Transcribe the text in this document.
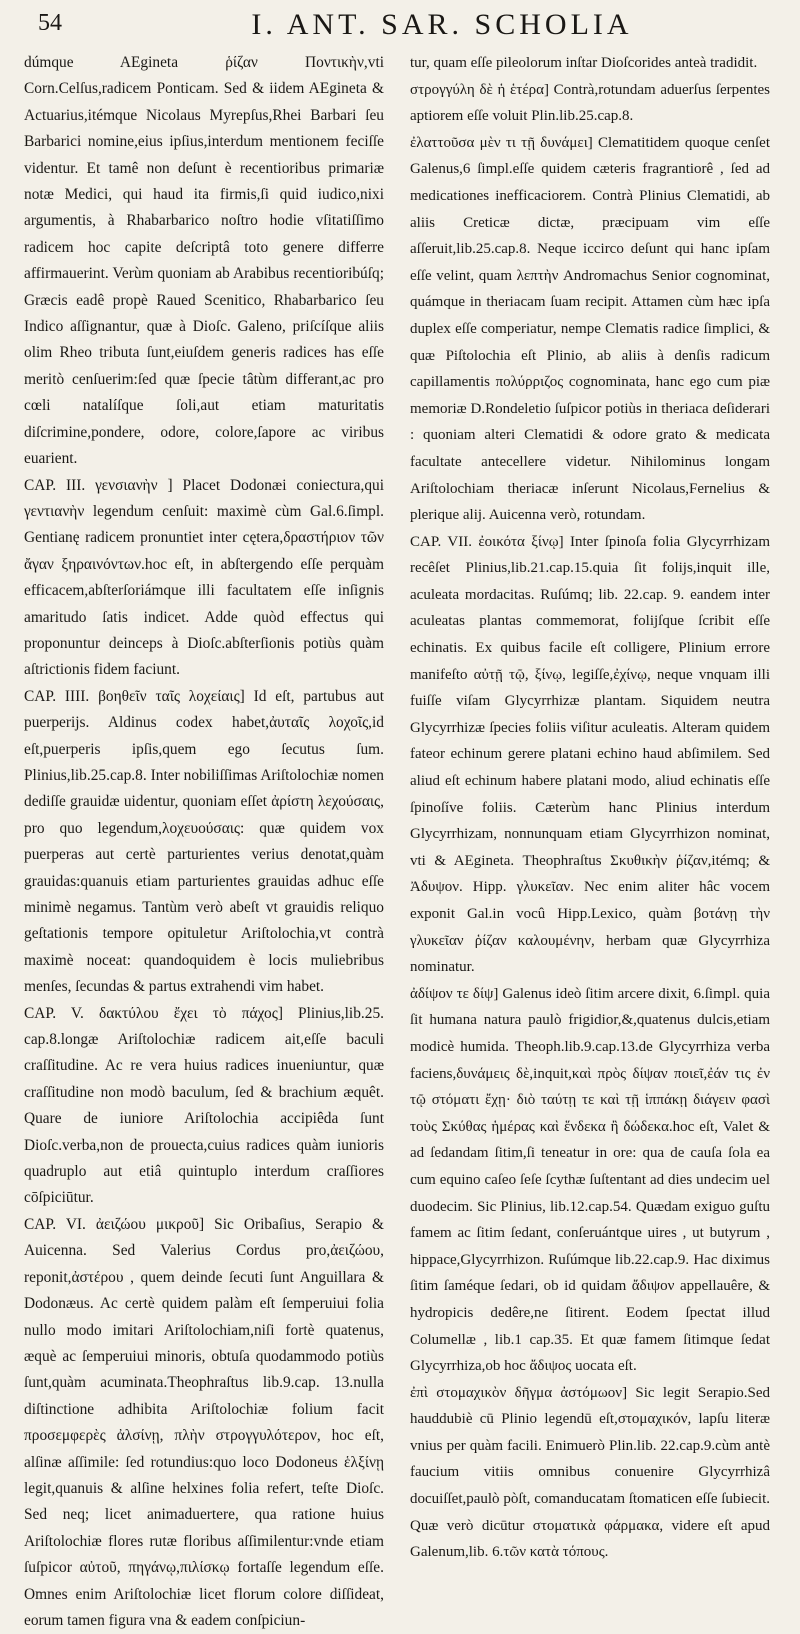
54	I. ANT. SAR. SCHOLIA

dúmque AEgineta ῥίζαν Ποντικὴν,vti Corn.Celſus,radicem Ponticam. Sed & iidem AEgineta & Actuarius,itémque Nicolaus Myrepſus,Rhei Barbari ſeu Barbarici nomine,eius ipſius,interdum mentionem feciſſe videntur. Et tamê non deſunt è recentioribus primariæ notæ Medici, qui haud ita firmis,ſi quid iudico,nixi argumentis, à Rhabarbarico noſtro hodie vſitatiſſimo radicem hoc capite deſcriptâ toto genere differre affirmauerint. Verùm quoniam ab Arabibus recentioribúſq; Græcis eadê propè Raued Scenitico, Rhabarbarico ſeu Indico aſſignantur, quæ à Dioſc. Galeno, priſcíſque aliis olim Rheo tributa ſunt,eiuſdem generis radices has eſſe meritò cenſuerim:ſed quæ ſpecie tâtùm differant,ac pro cœli natalíſque ſoli,aut etiam maturitatis diſcrimine,pondere, odore, colore,ſapore ac viribus euarient.

CAP. III. γενσιανὴν ] Placet Dodonæi coniectura,qui γεντιανὴν legendum cenſuit: maximè cùm Gal.6.ſimpl. Gentianę radicem pronuntiet inter cętera,δραστήριον τῶν ἄγαν ξηραινόντων.hoc eſt, in abſtergendo eſſe perquàm efficacem,abſterſoriámque illi facultatem eſſe inſignis amaritudo ſatis indicet. Adde quòd effectus qui proponuntur deinceps à Dioſc.abſterſionis potiùs quàm aſtrictionis fidem faciunt.

CAP. IIII. βοηθεῖν ταῖς λοχείαις] Id eſt, partubus aut puerperijs. Aldinus codex habet,ἀυταῖς λοχοῖς,id eſt,puerperis ipſis,quem ego ſecutus ſum. Plinius,lib.25.cap.8. Inter nobiliſſimas Ariſtolochiæ nomen dediſſe grauidæ uidentur, quoniam eſſet ἀρίστη λεχούσαις, pro quo legendum,λοχευούσαις: quæ quidem vox puerperas aut certè parturientes verius denotat,quàm grauidas:quanuis etiam parturientes grauidas adhuc eſſe minimè negamus. Tantùm verò abeſt vt grauidis reliquo geſtationis tempore opituletur Ariſtolochia,vt contrà maximè noceat: quandoquidem è locis muliebribus menſes, ſecundas & partus extrahendi vim habet.

CAP. V. δακτύλου ἔχει τὸ πάχος] Plinius,lib.25. cap.8.longæ Ariſtolochiæ radicem ait,eſſe baculi craſſitudine. Ac re vera huius radices inueniuntur, quæ craſſitudine non modò baculum, ſed & brachium æquêt. Quare de iuniore Ariſtolochia accipiêda ſunt Dioſc.verba,non de prouecta,cuius radices quàm iunioris quadruplo aut etiâ quintuplo interdum craſſiores cōſpiciūtur.

CAP. VI. ἀειζώου μικροῦ] Sic Oribaſius, Serapio & Auicenna. Sed Valerius Cordus pro,ἀειζώου, reponit,ἀστέρου , quem deinde ſecuti ſunt Anguillara & Dodonæus. Ac certè quidem palàm eſt ſemperuiui folia nullo modo imitari Ariſtolochiam,niſi fortè quatenus, æquè ac ſemperuiui minoris, obtuſa quodammodo potiùs ſunt,quàm acuminata.Theophraſtus lib.9.cap. 13.nulla diſtinctione adhibita Ariſtolochiæ folium facit προσεμφερὲς ἀλσίνῃ, πλὴν στρογγυλότερον, hoc eſt, alſinæ aſſimile: ſed rotundius:quo loco Dodoneus ἑλξίνῃ legit,quanuis & alſine helxines folia refert, teſte Dioſc. Sed neq; licet animaduertere, qua ratione huius Ariſtolochiæ flores rutæ floribus aſſimilentur:vnde etiam ſuſpicor αὐτοῦ, πηγάνῳ,πιλίσκῳ fortaſſe legendum eſſe. Omnes enim Ariſtolochiæ licet florum colore diſſideat, eorum tamen figura vna & eadem conſpiciun-

tur, quam eſſe pileolorum inſtar Dioſcorides anteà tradidit.

στρογγύλη δὲ ἡ ἑτέρα] Contrà,rotundam aduerſus ſerpentes aptiorem eſſe voluit Plin.lib.25.cap.8.

ἐλαττοῦσα μὲν τι τῇ δυνάμει] Clematitidem quoque cenſet Galenus,6 ſimpl.eſſe quidem cæteris fragrantiorê , ſed ad medicationes inefficaciorem. Contrà Plinius Clematidi, ab aliis Creticæ dictæ, præcipuam vim eſſe aſſeruit,lib.25.cap.8. Neque iccirco deſunt qui hanc ipſam eſſe velint, quam λεπτὴν Andromachus Senior cognominat, quámque in theriacam ſuam recipit. Attamen cùm hæc ipſa duplex eſſe comperiatur, nempe Clematis radice ſimplici, & quæ Piſtolochia eſt Plinio, ab aliis à denſis radicum capillamentis πολύρριζος cognominata, hanc ego cum piæ memoriæ D.Rondeletio ſuſpicor potiùs in theriaca deſiderari : quoniam alteri Clematidi & odore grato & medicata facultate antecellere videtur. Nihilominus longam Ariſtolochiam theriacæ inſerunt Nicolaus,Fernelius & plerique alij. Auicenna verò, rotundam.

CAP. VII. ἐοικότα ξίνῳ] Inter ſpinoſa folia Glycyrrhizam recêſet Plinius,lib.21.cap.15.quia ſit folijs,inquit ille, aculeata mordacitas. Ruſúmq; lib. 22.cap. 9. eandem inter aculeatas plantas commemorat, folijſque ſcribit eſſe echinatis. Ex quibus facile eſt colligere, Plinium errore manifeſto αὐτῇ τῷ, ξίνῳ, legiſſe,ἐχίνῳ, neque vnquam illi fuiſſe viſam Glycyrrhizæ plantam. Siquidem neutra Glycyrrhizæ ſpecies foliis viſitur aculeatis. Alteram quidem fateor echinum gerere platani echino haud abſimilem. Sed aliud eſt echinum habere platani modo, aliud echinatis eſſe ſpinoſíve foliis. Cæterùm hanc Plinius interdum Glycyrrhizam, nonnunquam etiam Glycyrrhizon nominat, vti & AEgineta. Theophraſtus Σκυθικὴν ῥίζαν,itémq; & Ἀδυψον. Hipp. γλυκεῖαν. Nec enim aliter hâc vocem exponit Gal.in vocû Hipp.Lexico, quàm βοτάνῃ τὴν γλυκεῖαν ῥίζαν καλουμένην, herbam quæ Glycyrrhiza nominatur.

ἀδίψον τε δίψ] Galenus ideò ſitim arcere dixit, 6.ſimpl. quia ſit humana natura paulò frigidior,&,quatenus dulcis,etiam modicè humida. Theoph.lib.9.cap.13.de Glycyrrhiza verba faciens,δυνάμεις δὲ,inquit,καὶ πρὸς δίψαν ποιεῖ,ἐάν τις ἐν τῷ στόματι ἔχῃ· διὸ ταύτῃ τε καὶ τῇ ἱππάκῃ διάγειν φασὶ τοὺς Σκύθας ἡμέρας καὶ ἕνδεκα ἢ δώδεκα.hoc eſt, Valet & ad ſedandam ſitim,ſi teneatur in ore: qua de cauſa ſola ea cum equino caſeo ſeſe ſcythæ ſuſtentant ad dies undecim uel duodecim. Sic Plinius, lib.12.cap.54. Quædam exiguo guſtu famem ac ſitim ſedant, conſeruántque uires , ut butyrum , hippace,Glycyrrhizon. Ruſúmque lib.22.cap.9. Hac diximus ſitim ſaméque ſedari, ob id quidam ἄδιψον appellauêre, & hydropicis dedêre,ne ſitirent. Eodem ſpectat illud Columellæ , lib.1 cap.35. Et quæ famem ſitimque ſedat Glycyrrhiza,ob hoc ἄδιψος uocata eſt.

ἐπὶ στομαχικὸν δῆγμα ἀστόμωον] Sic legit Serapio.Sed hauddubiè cū Plinio legendū eſt,στομαχικόν, lapſu literæ vnius per quàm facili. Enimuerò Plin.lib. 22.cap.9.cùm antè faucium vitiis omnibus conuenire Glycyrrhizâ docuiſſet,paulò pòſt, comanducatam ſtomaticen eſſe ſubiecit. Quæ verò dicūtur στοματικὰ φάρμακα, videre eſt apud Galenum,lib. 6.τῶν κατὰ τόπους.
